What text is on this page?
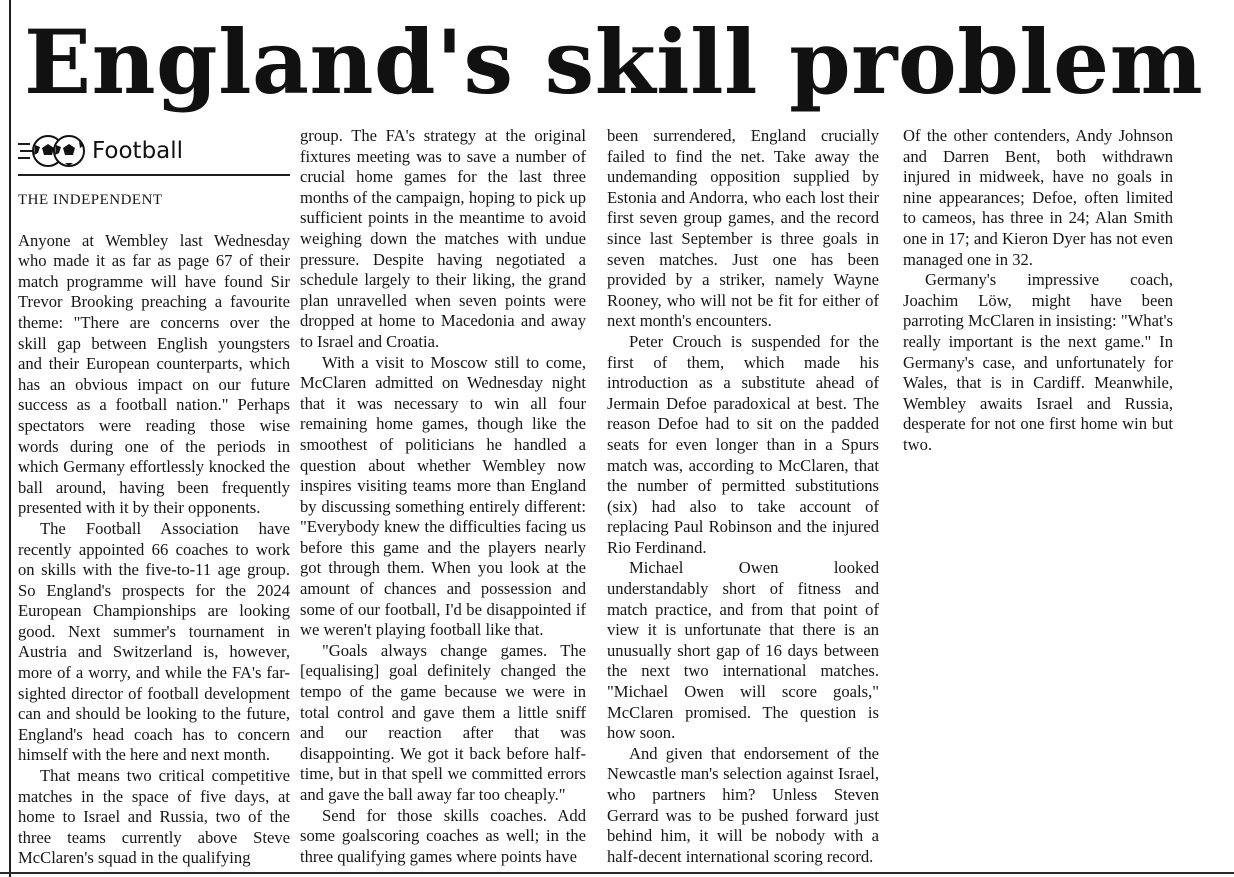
England's skill problem
Football
THE INDEPENDENT

Anyone at Wembley last Wednesday who made it as far as page 67 of their match programme will have found Sir Trevor Brooking preaching a favourite theme: "There are concerns over the skill gap between English youngsters and their European counterparts, which has an obvious impact on our future success as a football nation." Perhaps spectators were reading those wise words during one of the periods in which Germany effortlessly knocked the ball around, having been frequently presented with it by their opponents.

The Football Association have recently appointed 66 coaches to work on skills with the five-to-11 age group. So England's prospects for the 2024 European Championships are looking good. Next summer's tournament in Austria and Switzerland is, however, more of a worry, and while the FA's far-sighted director of football development can and should be looking to the future, England's head coach has to concern himself with the here and next month.

That means two critical competitive matches in the space of five days, at home to Israel and Russia, two of the three teams currently above Steve McClaren's squad in the qualifying

group. The FA's strategy at the original fixtures meeting was to save a number of crucial home games for the last three months of the campaign, hoping to pick up sufficient points in the meantime to avoid weighing down the matches with undue pressure. Despite having negotiated a schedule largely to their liking, the grand plan unravelled when seven points were dropped at home to Macedonia and away to Israel and Croatia.

With a visit to Moscow still to come, McClaren admitted on Wednesday night that it was necessary to win all four remaining home games, though like the smoothest of politicians he handled a question about whether Wembley now inspires visiting teams more than England by discussing something entirely different: "Everybody knew the difficulties facing us before this game and the players nearly got through them. When you look at the amount of chances and possession and some of our football, I'd be disappointed if we weren't playing football like that.

"Goals always change games. The [equalising] goal definitely changed the tempo of the game because we were in total control and gave them a little sniff and our reaction after that was disappointing. We got it back before half-time, but in that spell we committed errors and gave the ball away far too cheaply."

Send for those skills coaches. Add some goalscoring coaches as well; in the three qualifying games where points have

been surrendered, England crucially failed to find the net. Take away the undemanding opposition supplied by Estonia and Andorra, who each lost their first seven group games, and the record since last September is three goals in seven matches. Just one has been provided by a striker, namely Wayne Rooney, who will not be fit for either of next month's encounters.

Peter Crouch is suspended for the first of them, which made his introduction as a substitute ahead of Jermain Defoe paradoxical at best. The reason Defoe had to sit on the padded seats for even longer than in a Spurs match was, according to McClaren, that the number of permitted substitutions (six) had also to take account of replacing Paul Robinson and the injured Rio Ferdinand.

Michael Owen looked understandably short of fitness and match practice, and from that point of view it is unfortunate that there is an unusually short gap of 16 days between the next two international matches. "Michael Owen will score goals," McClaren promised. The question is how soon.

And given that endorsement of the Newcastle man's selection against Israel, who partners him? Unless Steven Gerrard was to be pushed forward just behind him, it will be nobody with a half-decent international scoring record.

Of the other contenders, Andy Johnson and Darren Bent, both withdrawn injured in midweek, have no goals in nine appearances; Defoe, often limited to cameos, has three in 24; Alan Smith one in 17; and Kieron Dyer has not even managed one in 32.

Germany's impressive coach, Joachim Löw, might have been parroting McClaren in insisting: "What's really important is the next game." In Germany's case, and unfortunately for Wales, that is in Cardiff. Meanwhile, Wembley awaits Israel and Russia, desperate for not one first home win but two.
